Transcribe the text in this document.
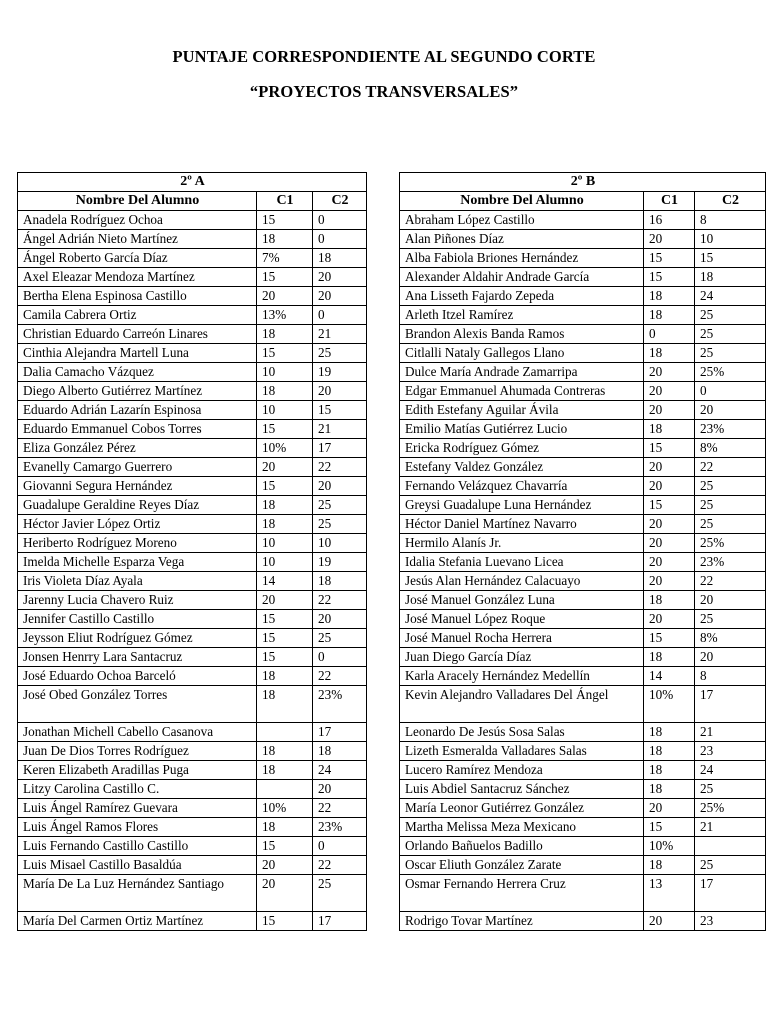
PUNTAJE CORRESPONDIENTE AL SEGUNDO CORTE
“PROYECTOS TRANSVERSALES”
2º A		
Nombre Del Alumno	C1	C2
Anadela Rodríguez Ochoa	15	0
Ángel Adrián Nieto Martínez	18	0
Ángel Roberto García Díaz	7%	18
Axel Eleazar Mendoza Martínez	15	20
Bertha Elena Espinosa Castillo	20	20
Camila Cabrera Ortiz	13%	0
Christian Eduardo Carreón Linares	18	21
Cinthia Alejandra Martell Luna	15	25
Dalia Camacho Vázquez	10	19
Diego Alberto Gutiérrez Martínez	18	20
Eduardo Adrián Lazarín Espinosa	10	15
Eduardo Emmanuel Cobos Torres	15	21
Eliza González Pérez	10%	17
Evanelly Camargo Guerrero	20	22
Giovanni Segura Hernández	15	20
Guadalupe Geraldine Reyes Díaz	18	25
Héctor Javier López Ortiz	18	25
Heriberto Rodríguez Moreno	10	10
Imelda Michelle Esparza Vega	10	19
Iris Violeta Díaz Ayala	14	18
Jarenny Lucia Chavero Ruiz	20	22
Jennifer Castillo Castillo	15	20
Jeysson Eliut Rodríguez Gómez	15	25
Jonsen Henrry Lara Santacruz	15	0
José Eduardo Ochoa Barceló	18	22
José Obed González Torres	18	23%
Jonathan Michell Cabello Casanova		17
Juan De Dios Torres Rodríguez	18	18
Keren Elizabeth Aradillas Puga	18	24
Litzy Carolina Castillo C.		20
Luis Ángel Ramírez Guevara	10%	22
Luis Ángel Ramos Flores	18	23%
Luis Fernando Castillo Castillo	15	0
Luis Misael Castillo Basaldúa	20	22
María De La Luz Hernández Santiago	20	25
María Del Carmen Ortiz Martínez	15	17
2º B		
Nombre Del Alumno	C1	C2
Abraham López Castillo	16	8
Alan Piñones Díaz	20	10
Alba Fabiola Briones Hernández	15	15
Alexander Aldahir Andrade García	15	18
Ana Lisseth Fajardo Zepeda	18	24
Arleth Itzel Ramírez	18	25
Brandon Alexis Banda Ramos	0	25
Citlalli Nataly Gallegos Llano	18	25
Dulce María Andrade Zamarripa	20	25%
Edgar Emmanuel Ahumada Contreras	20	0
Edith Estefany Aguilar Ávila	20	20
Emilio Matías Gutiérrez Lucio	18	23%
Ericka Rodríguez Gómez	15	8%
Estefany Valdez González	20	22
Fernando Velázquez Chavarría	20	25
Greysi Guadalupe Luna Hernández	15	25
Héctor Daniel Martínez Navarro	20	25
Hermilo Alanís Jr.	20	25%
Idalia Stefania Luevano Licea	20	23%
Jesús Alan Hernández Calacuayo	20	22
José Manuel González Luna	18	20
José Manuel López Roque	20	25
José Manuel Rocha Herrera	15	8%
Juan Diego García Díaz	18	20
Karla Aracely Hernández Medellín	14	8
Kevin Alejandro Valladares Del Ángel	10%	17
Leonardo De Jesús Sosa Salas	18	21
Lizeth Esmeralda Valladares Salas	18	23
Lucero Ramírez Mendoza	18	24
Luis Abdiel Santacruz Sánchez	18	25
María Leonor Gutiérrez González	20	25%
Martha Melissa Meza Mexicano	15	21
Orlando Bañuelos Badillo	10%	
Oscar Eliuth González Zarate	18	25
Osmar Fernando Herrera Cruz	13	17
Rodrigo Tovar Martínez	20	23
